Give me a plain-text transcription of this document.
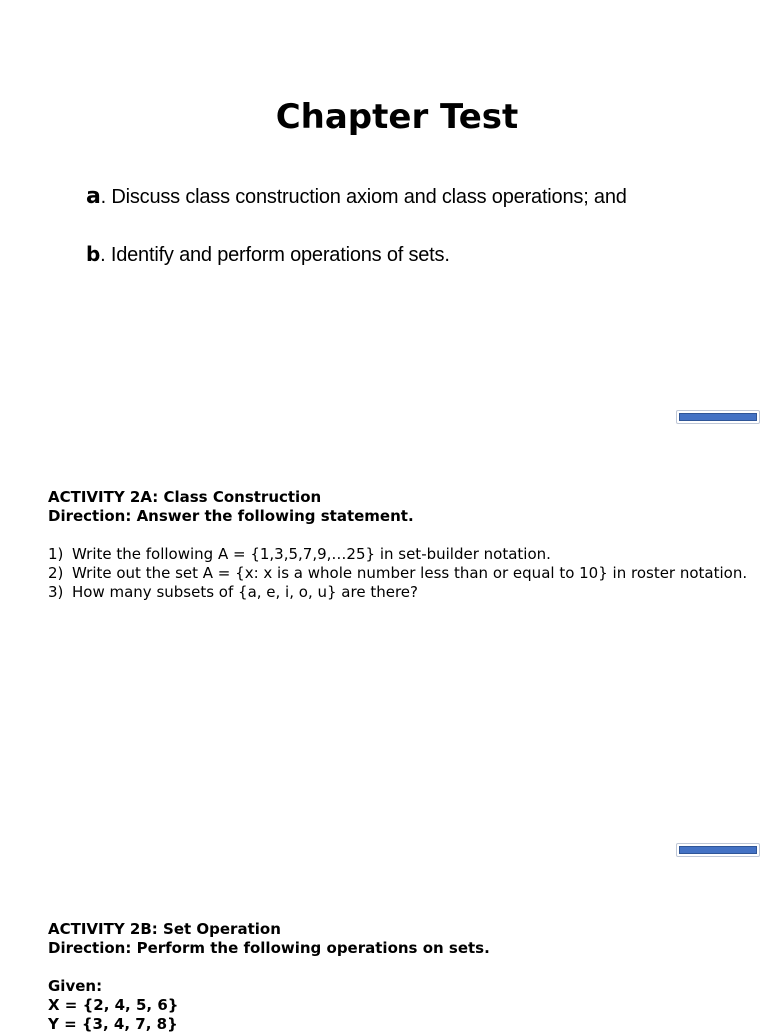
Chapter Test

a. Discuss class construction axiom and class operations; and

b. Identify and perform operations of sets.

ACTIVITY 2A: Class Construction

Direction: Answer the following statement.

1) Write the following A = {1,3,5,7,9,…25} in set-builder notation.
2) Write out the set A = {x: x is a whole number less than or equal to 10} in roster notation.
3) How many subsets of {a, e, i, o, u} are there?

ACTIVITY 2B: Set Operation

Direction: Perform the following operations on sets.

Given:

X = {2, 4, 5, 6}

Y = {3, 4, 7, 8}
